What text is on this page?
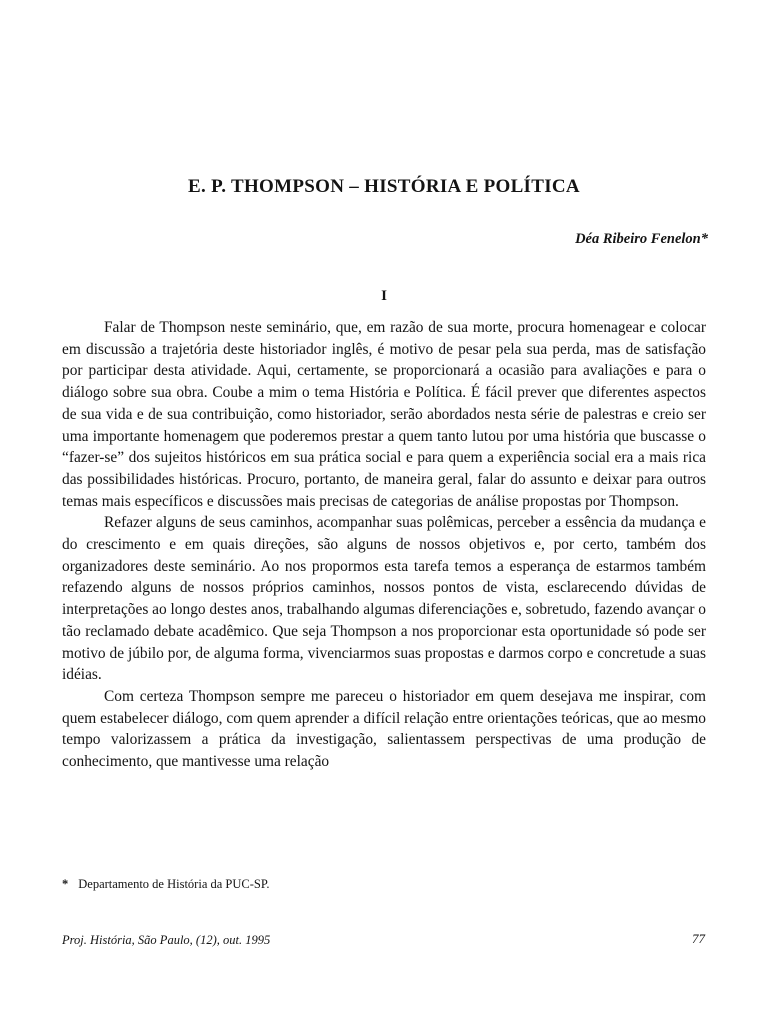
E. P. THOMPSON – HISTÓRIA E POLÍTICA
Déa Ribeiro Fenelon*
I

Falar de Thompson neste seminário, que, em razão de sua morte, procura homenagear e colocar em discussão a trajetória deste historiador inglês, é motivo de pesar pela sua perda, mas de satisfação por participar desta atividade. Aqui, certamente, se proporcionará a ocasião para avaliações e para o diálogo sobre sua obra. Coube a mim o tema História e Política. É fácil prever que diferentes aspectos de sua vida e de sua contribuição, como historiador, serão abordados nesta série de palestras e creio ser uma importante homenagem que poderemos prestar a quem tanto lutou por uma história que buscasse o “fazer-se” dos sujeitos históricos em sua prática social e para quem a experiência social era a mais rica das possibilidades históricas. Procuro, portanto, de maneira geral, falar do assunto e deixar para outros temas mais específicos e discussões mais precisas de categorias de análise propostas por Thompson.

Refazer alguns de seus caminhos, acompanhar suas polêmicas, perceber a essência da mudança e do crescimento e em quais direções, são alguns de nossos objetivos e, por certo, também dos organizadores deste seminário. Ao nos propormos esta tarefa temos a esperança de estarmos também refazendo alguns de nossos próprios caminhos, nossos pontos de vista, esclarecendo dúvidas de interpretações ao longo destes anos, trabalhando algumas diferenciações e, sobretudo, fazendo avançar o tão reclamado debate acadêmico. Que seja Thompson a nos proporcionar esta oportunidade só pode ser motivo de júbilo por, de alguma forma, vivenciarmos suas propostas e darmos corpo e concretude a suas idéias.

Com certeza Thompson sempre me pareceu o historiador em quem desejava me inspirar, com quem estabelecer diálogo, com quem aprender a difícil relação entre orientações teóricas, que ao mesmo tempo valorizassem a prática da investigação, salientassem perspectivas de uma produção de conhecimento, que mantivesse uma relação

* Departamento de História da PUC-SP.
Proj. História, São Paulo, (12), out. 1995	77
